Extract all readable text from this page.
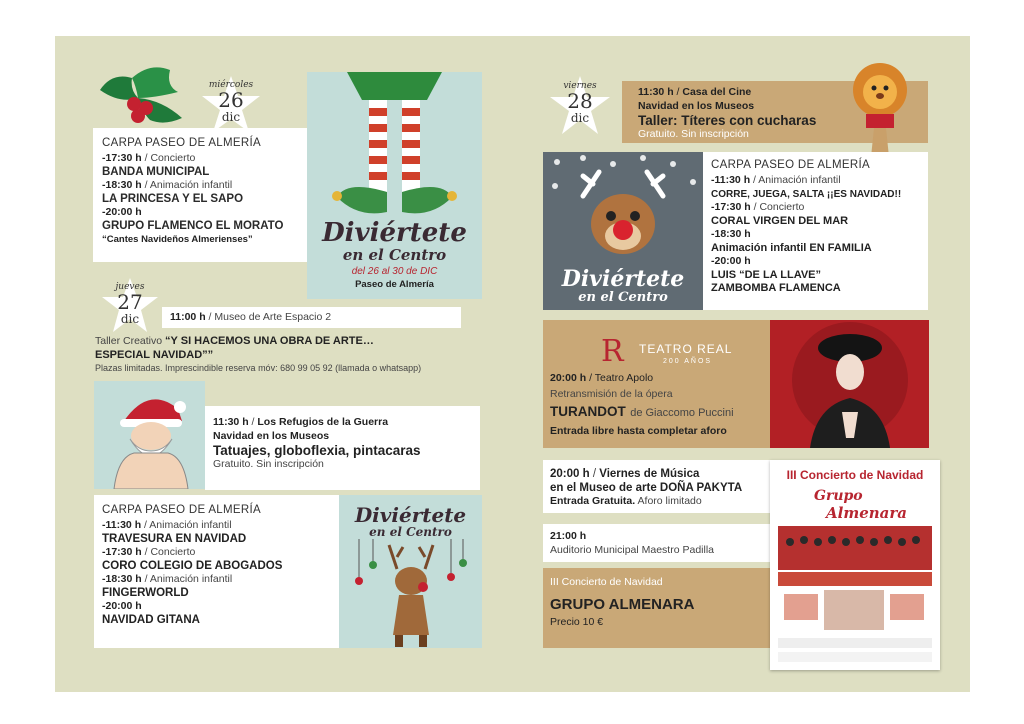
miércoles
26
dic
CARPA PASEO DE ALMERÍA
-17:30 h / Concierto
BANDA MUNICIPAL
-18:30 h / Animación infantil
LA PRINCESA Y EL SAPO
-20:00 h
GRUPO FLAMENCO EL MORATO
“Cantes Navideños Almerienses”	Diviértete
en el Centro
del 26 al 30 de DIC
Paseo de Almería
jueves
27
dic	11:00 h / Museo de Arte Espacio 2
Taller Creativo “Y SI HACEMOS UNA OBRA DE ARTE…
ESPECIAL NAVIDAD””
Plazas limitadas. Imprescindible reserva móv: 680 99 05 92 (llamada o whatsapp)
11:30 h / Los Refugios de la Guerra
Navidad en los Museos
Tatuajes, globoflexia, pintacaras
Gratuito. Sin inscripción
CARPA PASEO DE ALMERÍA
-11:30 h / Animación infantil
TRAVESURA EN NAVIDAD
-17:30 h / Concierto
CORO COLEGIO DE ABOGADOS
-18:30 h / Animación infantil
FINGERWORLD
-20:00 h
NAVIDAD GITANA
Diviértete
en el Centro
viernes
28
dic
11:30 h / Casa del Cine
Navidad en los Museos
Taller: Títeres con cucharas
Gratuito. Sin inscripción
Diviértete
en el Centro
CARPA PASEO DE ALMERÍA
-11:30 h / Animación infantil
CORRE, JUEGA, SALTA ¡¡ES NAVIDAD!!
-17:30 h / Concierto
CORAL VIRGEN DEL MAR
-18:30 h
Animación infantil EN FAMILIA
-20:00 h
LUIS “DE LA LLAVE”
ZAMBOMBA FLAMENCA
R TEATRO REAL
200 AÑOS
20:00 h / Teatro Apolo
Retransmisión de la ópera
TURANDOT de Giaccomo Puccini
Entrada libre hasta completar aforo
20:00 h / Viernes de Música
en el Museo de arte DOÑA PAKYTA
Entrada Gratuita. Aforo limitado
21:00 h
Auditorio Municipal Maestro Padilla
III Concierto de Navidad
GRUPO ALMENARA
Precio 10 €
III Concierto de Navidad
Grupo
Almenara
